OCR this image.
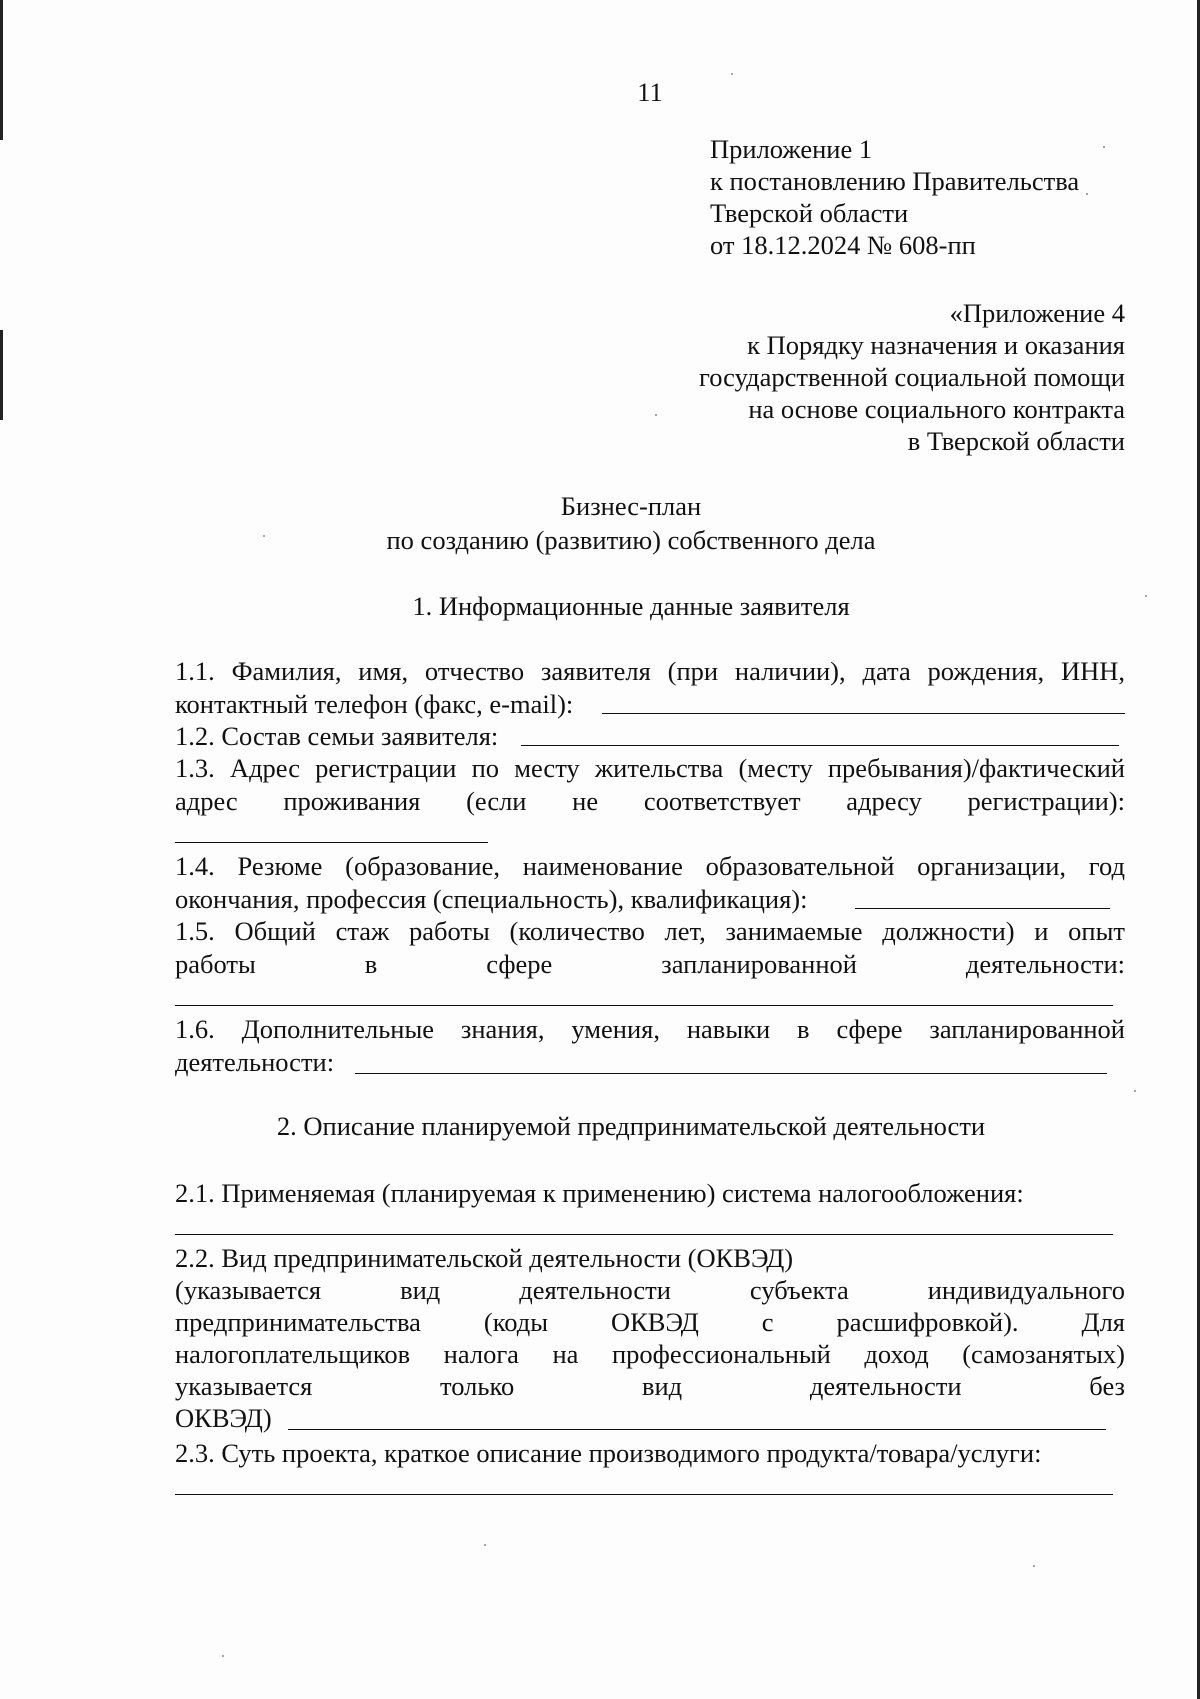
11
Приложение 1
к постановлению Правительства
Тверской области
от 18.12.2024 № 608-пп
«Приложение 4
к Порядку назначения и оказания
государственной социальной помощи
на основе социального контракта
в Тверской области
Бизнес-план
по созданию (развитию) собственного дела
1. Информационные данные заявителя
1.1. Фамилия, имя, отчество заявителя (при наличии), дата рождения, ИНН,
контактный телефон (факс, e-mail):
1.2. Состав семьи заявителя:
1.3. Адрес регистрации по месту жительства (месту пребывания)/фактический
адрес проживания (если не соответствует адресу регистрации):
1.4. Резюме (образование, наименование образовательной организации, год
окончания, профессия (специальность), квалификация):
1.5. Общий стаж работы (количество лет, занимаемые должности) и опыт
работы в сфере запланированной деятельности:
1.6. Дополнительные знания, умения, навыки в сфере запланированной
деятельности:
2. Описание планируемой предпринимательской деятельности
2.1. Применяемая (планируемая к применению) система налогообложения:
2.2. Вид предпринимательской деятельности (ОКВЭД)
(указывается вид деятельности субъекта индивидуального
предпринимательства (коды ОКВЭД с расшифровкой). Для
налогоплательщиков налога на профессиональный доход (самозанятых)
указывается только вид деятельности без
ОКВЭД)
2.3. Суть проекта, краткое описание производимого продукта/товара/услуги:
